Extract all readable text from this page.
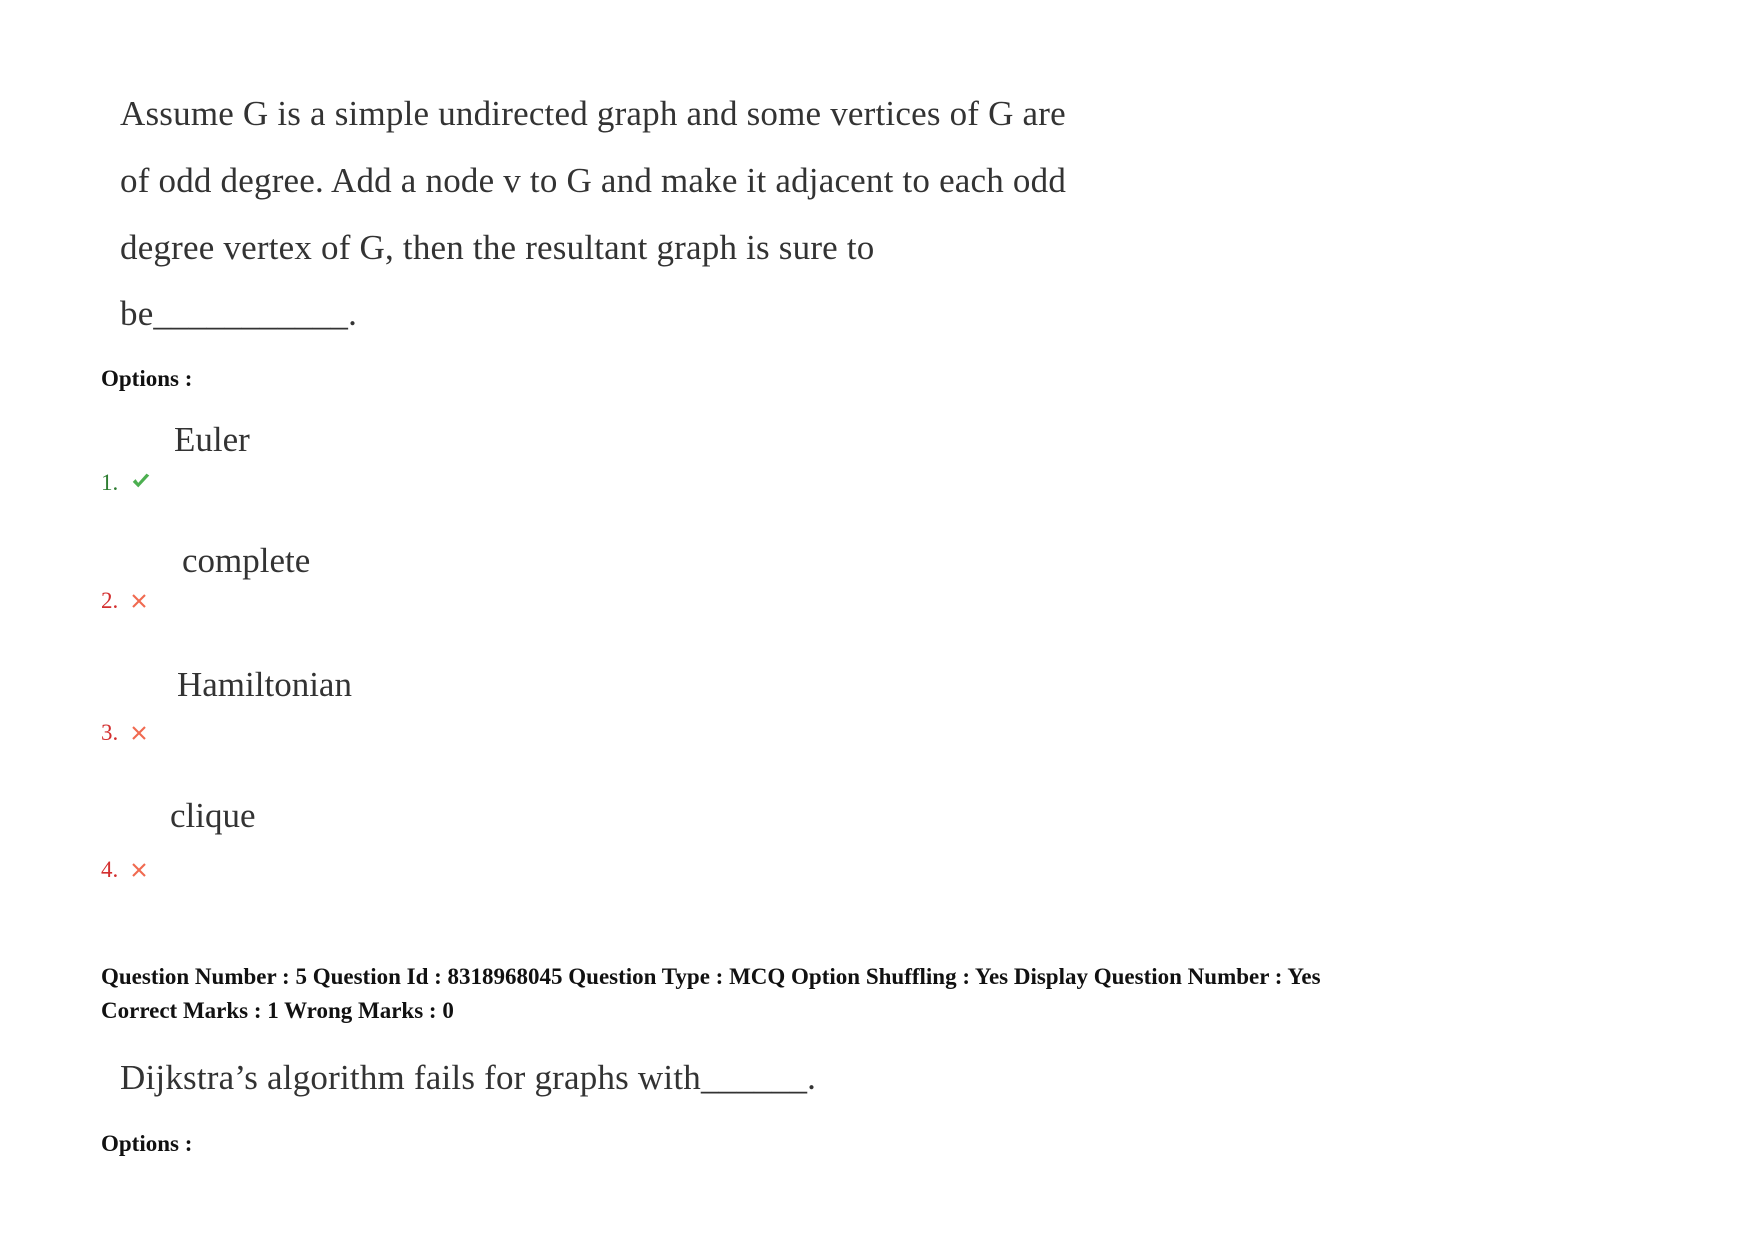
Assume G is a simple undirected graph and some vertices of G are
of odd degree. Add a node v to G and make it adjacent to each odd
degree vertex of G, then the resultant graph is sure to
be___________.
Options :
Euler
1.
complete
2.
Hamiltonian
3.
clique
4.
Question Number : 5 Question Id : 8318968045 Question Type : MCQ Option Shuffling : Yes Display Question Number : Yes
Correct Marks : 1 Wrong Marks : 0
Dijkstra’s algorithm fails for graphs with______.
Options :
